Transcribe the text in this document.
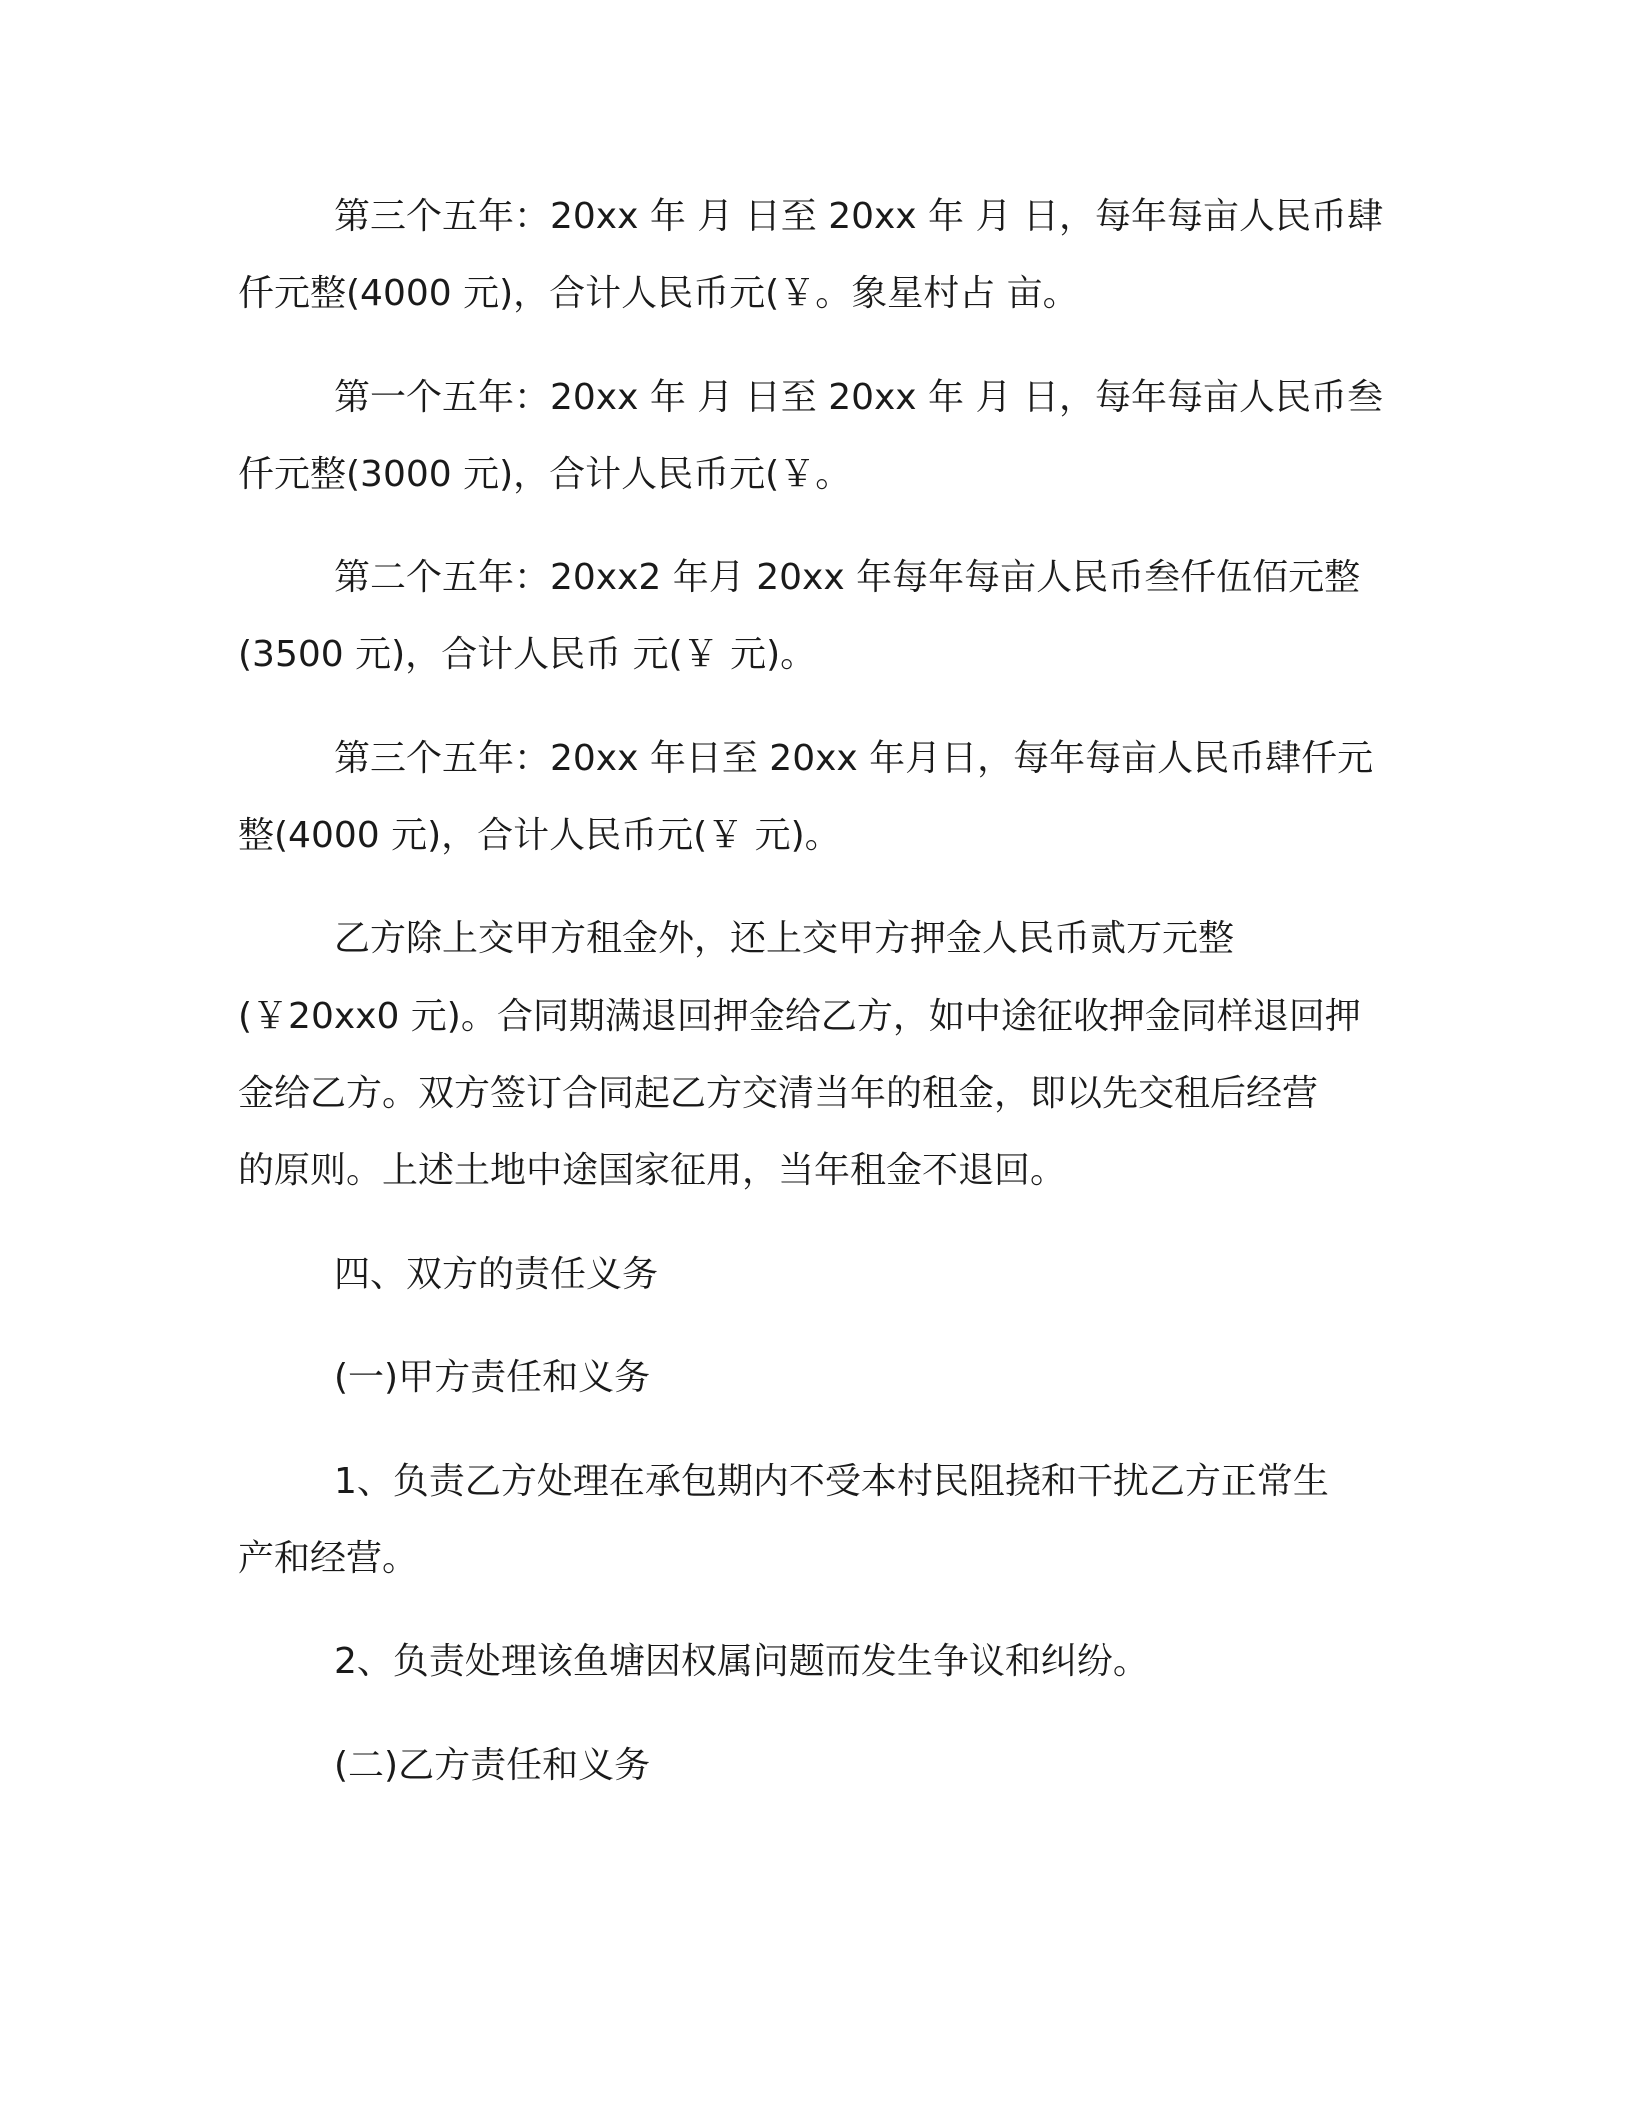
第三个五年：20xx 年 月 日至 20xx 年 月 日，每年每亩人民币肆

仟元整(4000 元)，合计人民币元(￥。象星村占 亩。

第一个五年：20xx 年 月 日至 20xx 年 月 日，每年每亩人民币叁

仟元整(3000 元)，合计人民币元(￥。

第二个五年：20xx2 年月 20xx 年每年每亩人民币叁仟伍佰元整

(3500 元)，合计人民币 元(￥ 元)。

第三个五年：20xx 年日至 20xx 年月日，每年每亩人民币肆仟元

整(4000 元)，合计人民币元(￥ 元)。

乙方除上交甲方租金外，还上交甲方押金人民币贰万元整

(￥20xx0 元)。合同期满退回押金给乙方，如中途征收押金同样退回押

金给乙方。双方签订合同起乙方交清当年的租金，即以先交租后经营

的原则。上述土地中途国家征用，当年租金不退回。

四、双方的责任义务

(一)甲方责任和义务

1、负责乙方处理在承包期内不受本村民阻挠和干扰乙方正常生

产和经营。

2、负责处理该鱼塘因权属问题而发生争议和纠纷。

(二)乙方责任和义务
